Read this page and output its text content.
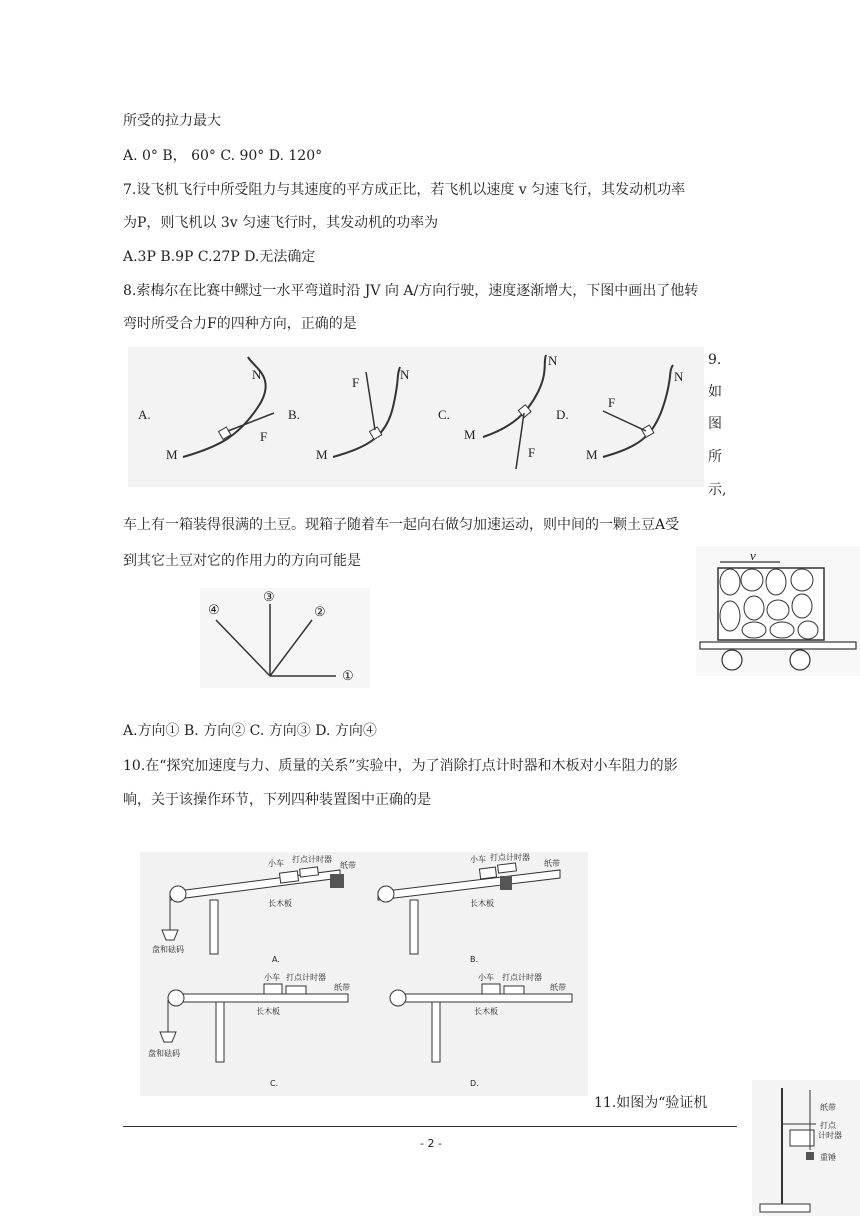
所受的拉力最大
A. 0° B， 60° C. 90° D. 120°
7.设飞机飞行中所受阻力与其速度的平方成正比，若飞机以速度 v 匀速飞行，其发动机功率
为P，则飞机以 3v 匀速飞行时，其发动机的功率为
A.3P B.9P C.27P D.无法确定
8.索梅尔在比赛中鳏过一水平弯道时沿 JV 向 A/方向行驶，速度逐渐增大，下图中画出了他转
弯时所受合力F的四种方向，正确的是
A.
M
N
F
B.
M
N
F
C.
M
N
F
D.
M
N
F
9.
如
图
所
示,
车上有一箱装得很满的土豆。现箱子随着车一起向右做匀加速运动，则中间的一颗土豆A受
到其它土豆对它的作用力的方向可能是
①
②
③
④
v
A.方向① B. 方向② C. 方向③ D. 方向④
10.在“探究加速度与力、质量的关系”实验中，为了消除打点计时器和木板对小车阻力的影
响，关于该操作环节，下列四种装置图中正确的是
小车 打点计时器
纸带
长木板
盘和砝码
A.
小车 打点计时器
纸带
长木板
B.
小车 打点计时器
纸带
长木板
盘和砝码
C.
小车 打点计时器
纸带
长木板
D.
11.如图为“验证机	纸带
打点
计时器
重锤
- 2 -
